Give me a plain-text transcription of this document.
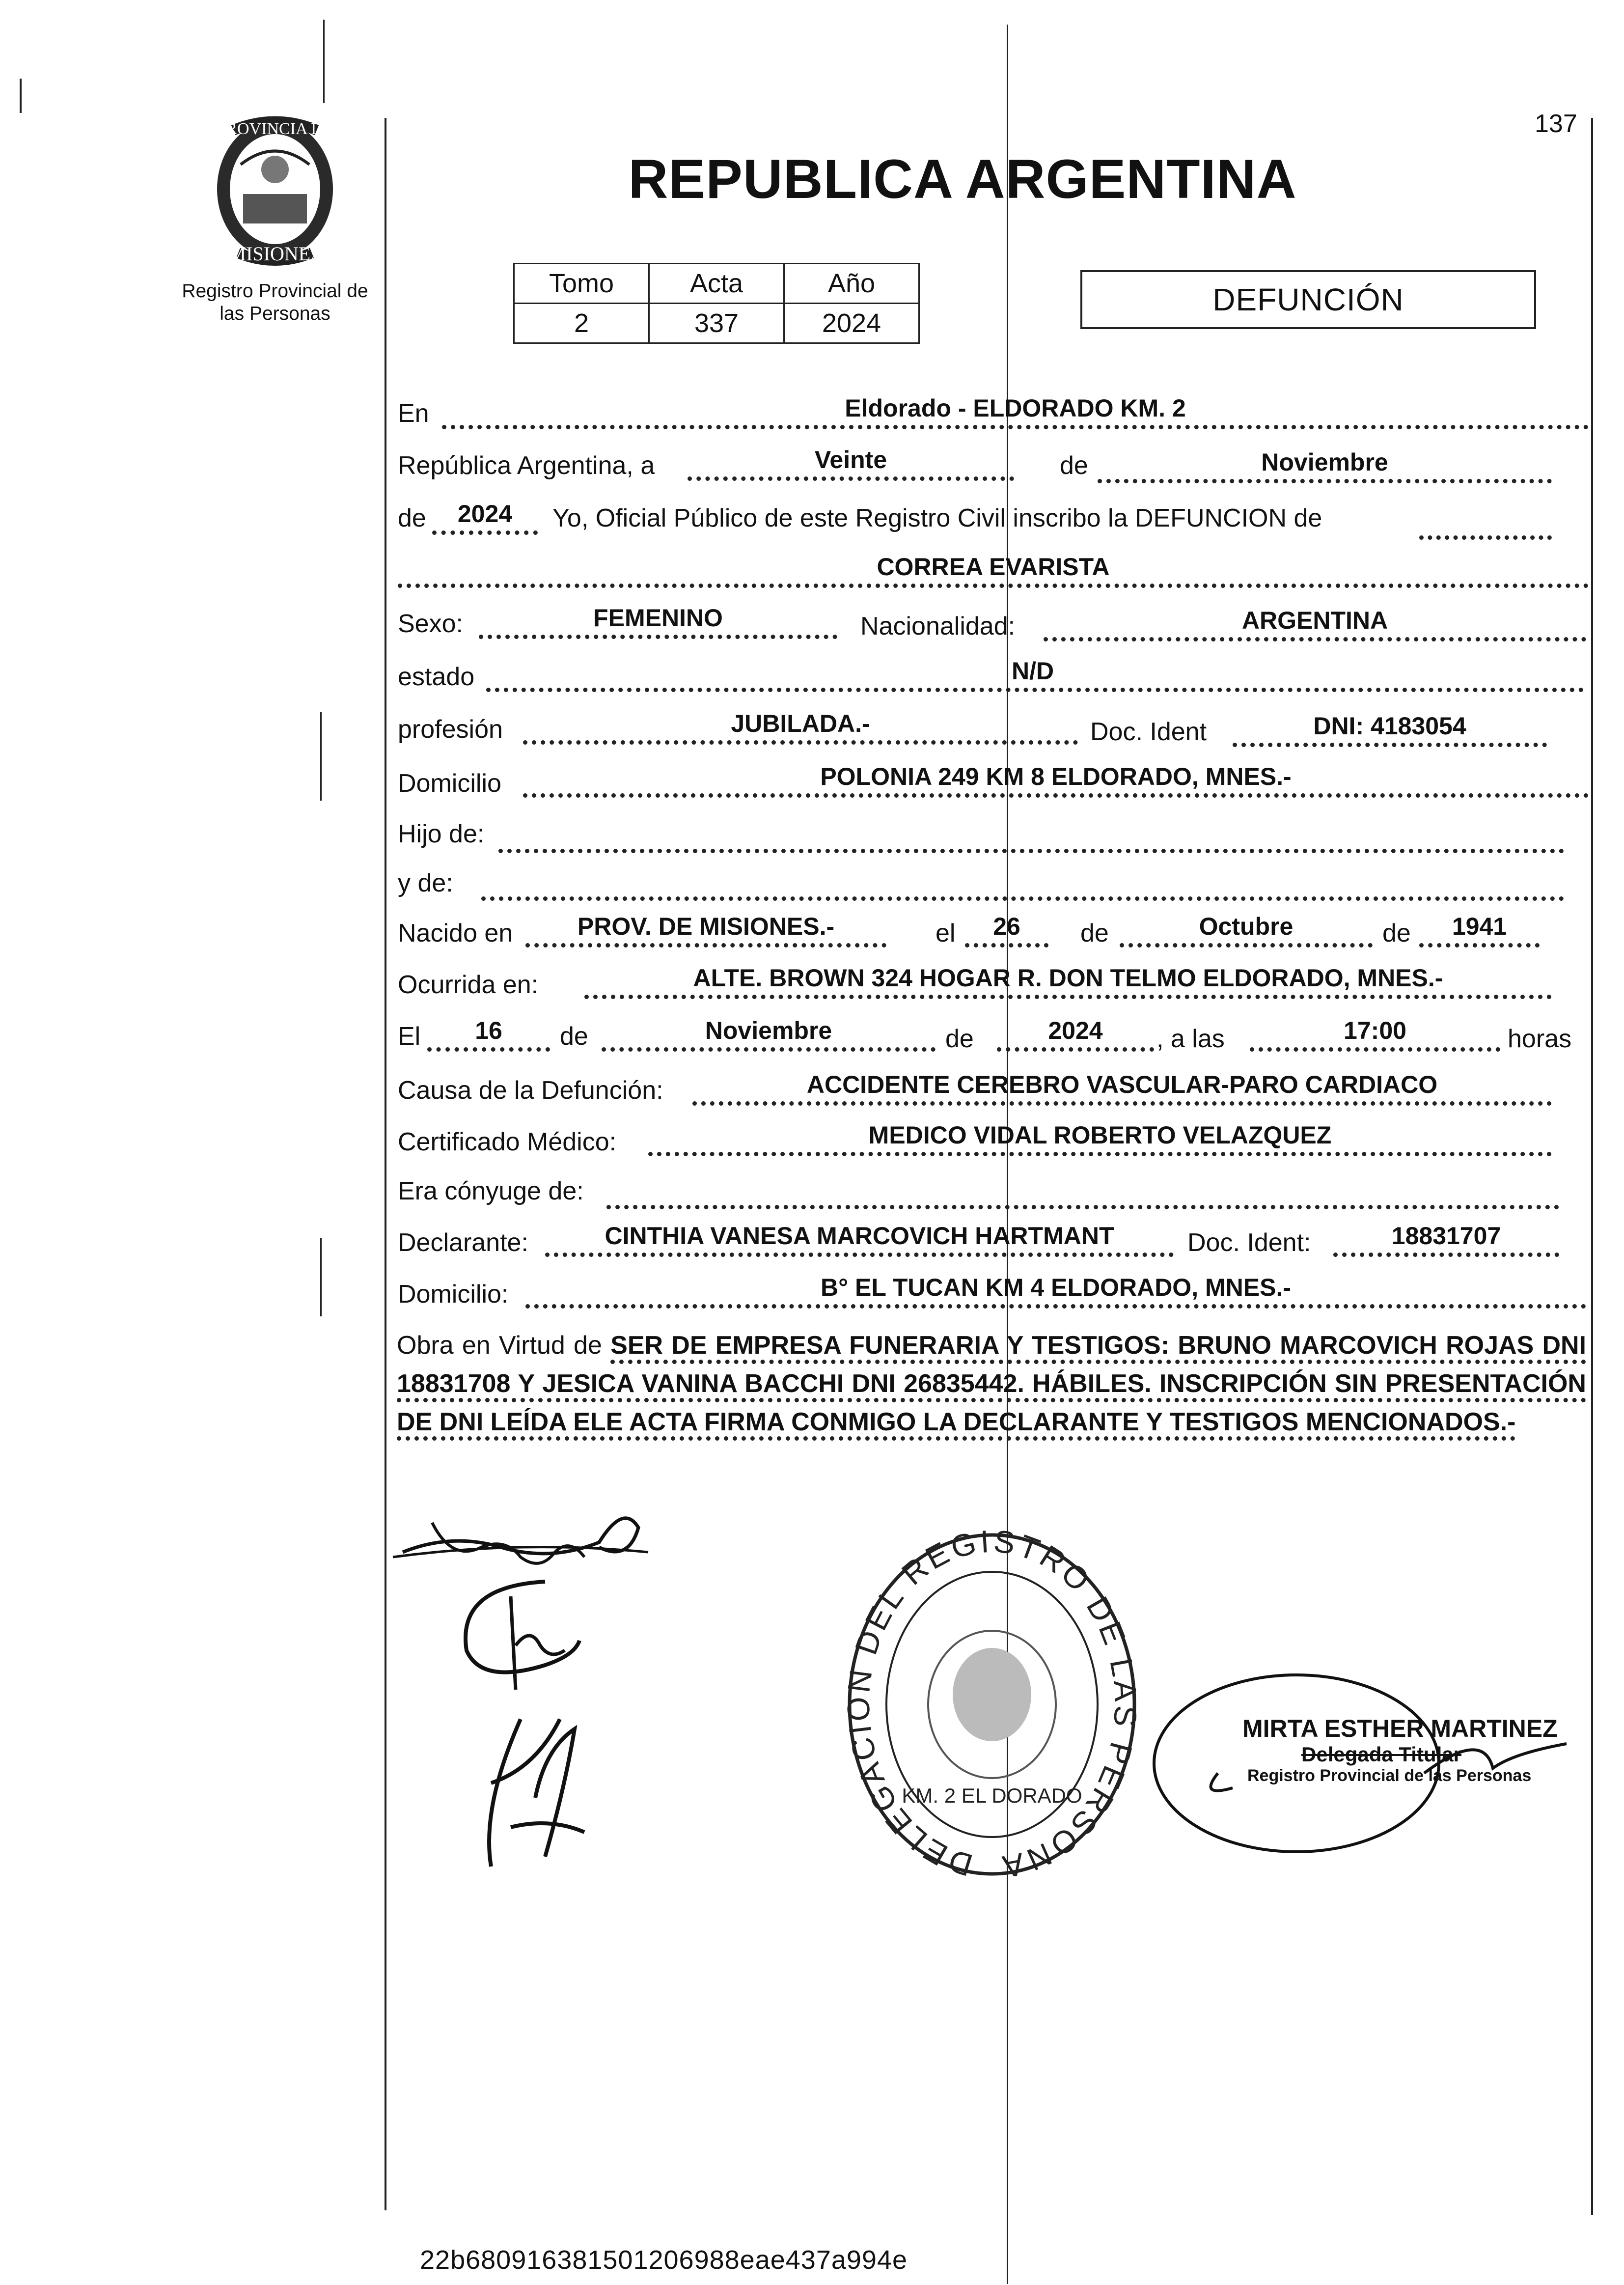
PROVINCIA DE
MISIONES
Registro Provincial de
las Personas
137
REPUBLICA ARGENTINA
Tomo	Acta	Año
2	337	2024
DEFUNCIÓN
En	Eldorado - ELDORADO KM. 2
República Argentina, a	Veinte	de	Noviembre
de	2024	Yo, Oficial Público de este Registro Civil inscribo la DEFUNCION de
CORREA EVARISTA
Sexo:	FEMENINO	Nacionalidad:	ARGENTINA
estado	N/D
profesión	JUBILADA.-	Doc. Ident	DNI: 4183054
Domicilio	POLONIA 249 KM 8 ELDORADO, MNES.-
Hijo de:
y de:
Nacido en	PROV. DE MISIONES.-	el	26	de	Octubre	de	1941
Ocurrida en:	ALTE. BROWN 324 HOGAR R. DON TELMO ELDORADO, MNES.-
El	16	de	Noviembre	de	2024	, a las	17:00	horas
Causa de la Defunción:	ACCIDENTE CEREBRO VASCULAR-PARO CARDIACO
Certificado Médico:	MEDICO VIDAL ROBERTO VELAZQUEZ
Era cónyuge de:
Declarante:	CINTHIA VANESA MARCOVICH HARTMANT	Doc. Ident:	18831707
Domicilio:	B° EL TUCAN KM 4 ELDORADO, MNES.-
Obra en Virtud de SER DE EMPRESA FUNERARIA Y TESTIGOS: BRUNO MARCOVICH ROJAS DNI 18831708 Y JESICA VANINA BACCHI DNI 26835442. HÁBILES. INSCRIPCIÓN SIN PRESENTACIÓN DE DNI LEÍDA ELE ACTA FIRMA CONMIGO LA DECLARANTE Y TESTIGOS MENCIONADOS.-
DELEGACION DEL REGISTRO DE LAS PERSONAS
KM. 2 EL DORADO
MIRTA ESTHER MARTINEZ
Delegada Titular
Registro Provincial de las Personas
22b680916381501206988eae437a994e
